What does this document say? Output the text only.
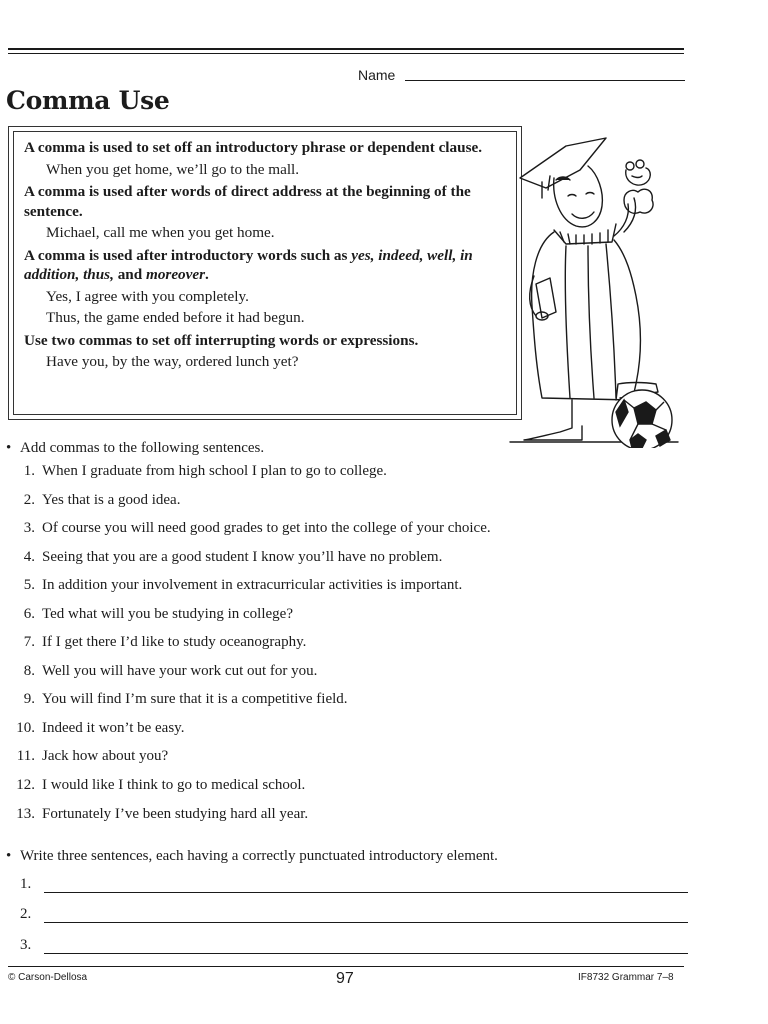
Name
Comma Use

A comma is used to set off an introductory phrase or dependent clause.

When you get home, we’ll go to the mall.

A comma is used after words of direct address at the beginning of the sentence.

Michael, call me when you get home.

A comma is used after introductory words such as yes, indeed, well, in addition, thus, and moreover.

Yes, I agree with you completely.

Thus, the game ended before it had begun.

Use two commas to set off interrupting words or expressions.

Have you, by the way, ordered lunch yet?

• Add commas to the following sentences.
1. When I graduate from high school I plan to go to college.
2. Yes that is a good idea.
3. Of course you will need good grades to get into the college of your choice.
4. Seeing that you are a good student I know you’ll have no problem.
5. In addition your involvement in extracurricular activities is important.
6. Ted what will you be studying in college?
7. If I get there I’d like to study oceanography.
8. Well you will have your work cut out for you.
9. You will find I’m sure that it is a competitive field.
10. Indeed it won’t be easy.
11. Jack how about you?
12. I would like I think to go to medical school.
13. Fortunately I’ve been studying hard all year.
• Write three sentences, each having a correctly punctuated introductory element.
1.
2.
3.
© Carson-Dellosa	97	IF8732 Grammar 7–8
